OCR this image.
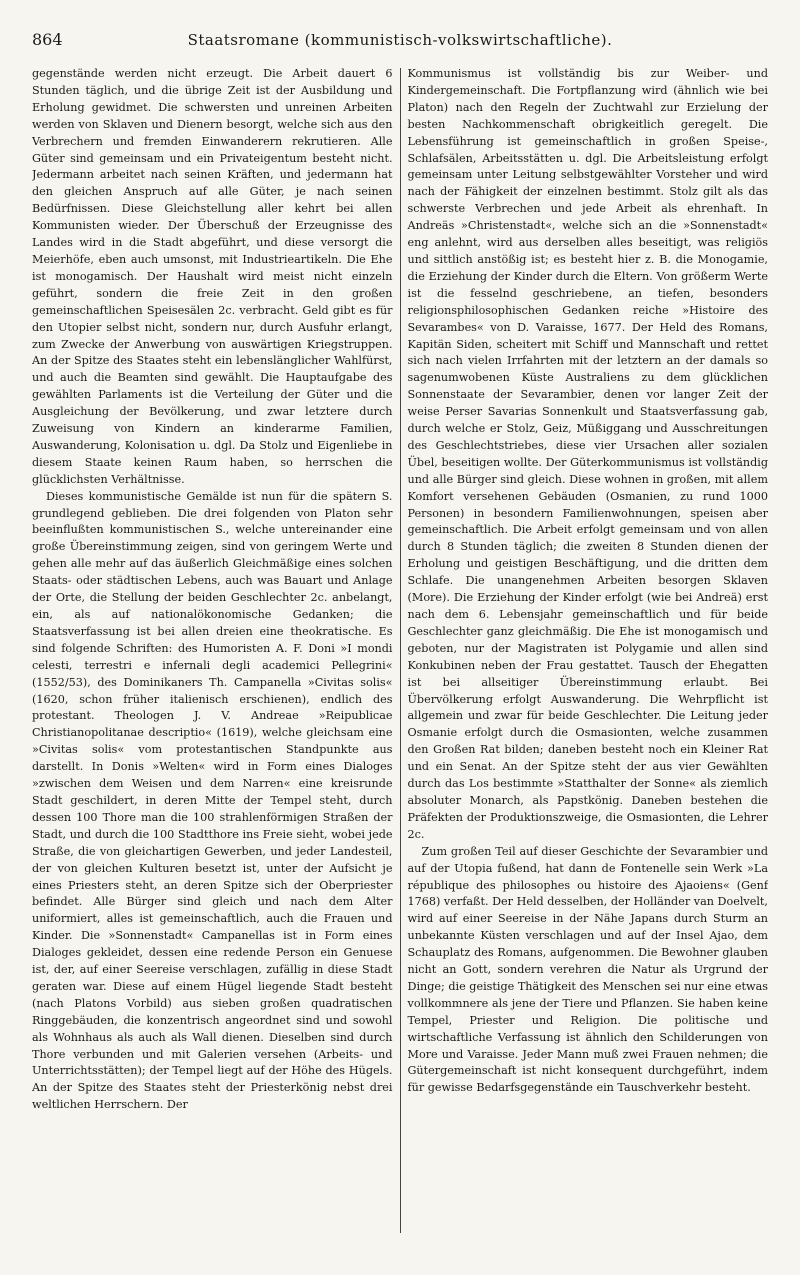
864	Staatsromane (kommunistisch-volkswirtschaftliche).

gegenstände werden nicht erzeugt. Die Arbeit dauert 6 Stunden täglich, und die übrige Zeit ist der Ausbildung und Erholung gewidmet. Die schwersten und unreinen Arbeiten werden von Sklaven und Dienern besorgt, welche sich aus den Verbrechern und fremden Einwanderern rekrutieren. Alle Güter sind gemeinsam und ein Privateigentum besteht nicht. Jedermann arbeitet nach seinen Kräften, und jedermann hat den gleichen Anspruch auf alle Güter, je nach seinen Bedürfnissen. Diese Gleichstellung aller kehrt bei allen Kommunisten wieder. Der Überschuß der Erzeugnisse des Landes wird in die Stadt abgeführt, und diese versorgt die Meierhöfe, eben auch umsonst, mit Industrieartikeln. Die Ehe ist monogamisch. Der Haushalt wird meist nicht einzeln geführt, sondern die freie Zeit in den großen gemeinschaftlichen Speisesälen 2c. verbracht. Geld gibt es für den Utopier selbst nicht, sondern nur, durch Ausfuhr erlangt, zum Zwecke der Anwerbung von auswärtigen Kriegstruppen. An der Spitze des Staates steht ein lebenslänglicher Wahlfürst, und auch die Beamten sind gewählt. Die Hauptaufgabe des gewählten Parlaments ist die Verteilung der Güter und die Ausgleichung der Bevölkerung, und zwar letztere durch Zuweisung von Kindern an kinderarme Familien, Auswanderung, Kolonisation u. dgl. Da Stolz und Eigenliebe in diesem Staate keinen Raum haben, so herrschen die glücklichsten Verhältnisse.

Dieses kommunistische Gemälde ist nun für die spätern S. grundlegend geblieben. Die drei folgenden von Platon sehr beeinflußten kommunistischen S., welche untereinander eine große Übereinstimmung zeigen, sind von geringem Werte und gehen alle mehr auf das äußerlich Gleichmäßige eines solchen Staats- oder städtischen Lebens, auch was Bauart und Anlage der Orte, die Stellung der beiden Geschlechter 2c. anbelangt, ein, als auf nationalökonomische Gedanken; die Staatsverfassung ist bei allen dreien eine theokratische. Es sind folgende Schriften: des Humoristen A. F. Doni »I mondi celesti, terrestri e infernali degli academici Pellegrini« (1552/53), des Dominikaners Th. Campanella »Civitas solis« (1620, schon früher italienisch erschienen), endlich des protestant. Theologen J. V. Andreae »Reipublicae Christianopolitanae descriptio« (1619), welche gleichsam eine »Civitas solis« vom protestantischen Standpunkte aus darstellt. In Donis »Welten« wird in Form eines Dialoges »zwischen dem Weisen und dem Narren« eine kreisrunde Stadt geschildert, in deren Mitte der Tempel steht, durch dessen 100 Thore man die 100 strahlenförmigen Straßen der Stadt, und durch die 100 Stadtthore ins Freie sieht, wobei jede Straße, die von gleichartigen Gewerben, und jeder Landesteil, der von gleichen Kulturen besetzt ist, unter der Aufsicht je eines Priesters steht, an deren Spitze sich der Oberpriester befindet. Alle Bürger sind gleich und nach dem Alter uniformiert, alles ist gemeinschaftlich, auch die Frauen und Kinder. Die »Sonnenstadt« Campanellas ist in Form eines Dialoges gekleidet, dessen eine redende Person ein Genuese ist, der, auf einer Seereise verschlagen, zufällig in diese Stadt geraten war. Diese auf einem Hügel liegende Stadt besteht (nach Platons Vorbild) aus sieben großen quadratischen Ringgebäuden, die konzentrisch angeordnet sind und sowohl als Wohnhaus als auch als Wall dienen. Dieselben sind durch Thore verbunden und mit Galerien versehen (Arbeits- und Unterrichtsstätten); der Tempel liegt auf der Höhe des Hügels. An der Spitze des Staates steht der Priesterkönig nebst drei weltlichen Herrschern. Der

Kommunismus ist vollständig bis zur Weiber- und Kindergemeinschaft. Die Fortpflanzung wird (ähnlich wie bei Platon) nach den Regeln der Zuchtwahl zur Erzielung der besten Nachkommenschaft obrigkeitlich geregelt. Die Lebensführung ist gemeinschaftlich in großen Speise-, Schlafsälen, Arbeitsstätten u. dgl. Die Arbeitsleistung erfolgt gemeinsam unter Leitung selbstgewählter Vorsteher und wird nach der Fähigkeit der einzelnen bestimmt. Stolz gilt als das schwerste Verbrechen und jede Arbeit als ehrenhaft. In Andreäs »Christenstadt«, welche sich an die »Sonnenstadt« eng anlehnt, wird aus derselben alles beseitigt, was religiös und sittlich anstößig ist; es besteht hier z. B. die Monogamie, die Erziehung der Kinder durch die Eltern. Von größerm Werte ist die fesselnd geschriebene, an tiefen, besonders religionsphilosophischen Gedanken reiche »Histoire des Sevarambes« von D. Varaisse, 1677. Der Held des Romans, Kapitän Siden, scheitert mit Schiff und Mannschaft und rettet sich nach vielen Irrfahrten mit der letztern an der damals so sagenumwobenen Küste Australiens zu dem glücklichen Sonnenstaate der Sevarambier, denen vor langer Zeit der weise Perser Savarias Sonnenkult und Staatsverfassung gab, durch welche er Stolz, Geiz, Müßiggang und Ausschreitungen des Geschlechtstriebes, diese vier Ursachen aller sozialen Übel, beseitigen wollte. Der Güterkommunismus ist vollständig und alle Bürger sind gleich. Diese wohnen in großen, mit allem Komfort versehenen Gebäuden (Osmanien, zu rund 1000 Personen) in besondern Familienwohnungen, speisen aber gemeinschaftlich. Die Arbeit erfolgt gemeinsam und von allen durch 8 Stunden täglich; die zweiten 8 Stunden dienen der Erholung und geistigen Beschäftigung, und die dritten dem Schlafe. Die unangenehmen Arbeiten besorgen Sklaven (More). Die Erziehung der Kinder erfolgt (wie bei Andreä) erst nach dem 6. Lebensjahr gemeinschaftlich und für beide Geschlechter ganz gleichmäßig. Die Ehe ist monogamisch und geboten, nur der Magistraten ist Polygamie und allen sind Konkubinen neben der Frau gestattet. Tausch der Ehegatten ist bei allseitiger Übereinstimmung erlaubt. Bei Übervölkerung erfolgt Auswanderung. Die Wehrpflicht ist allgemein und zwar für beide Geschlechter. Die Leitung jeder Osmanie erfolgt durch die Osmasionten, welche zusammen den Großen Rat bilden; daneben besteht noch ein Kleiner Rat und ein Senat. An der Spitze steht der aus vier Gewählten durch das Los bestimmte »Statthalter der Sonne« als ziemlich absoluter Monarch, als Papstkönig. Daneben bestehen die Präfekten der Produktionszweige, die Osmasionten, die Lehrer 2c.

Zum großen Teil auf dieser Geschichte der Sevarambier und auf der Utopia fußend, hat dann de Fontenelle sein Werk »La république des philosophes ou histoire des Ajaoiens« (Genf 1768) verfaßt. Der Held desselben, der Holländer van Doelvelt, wird auf einer Seereise in der Nähe Japans durch Sturm an unbekannte Küsten verschlagen und auf der Insel Ajao, dem Schauplatz des Romans, aufgenommen. Die Bewohner glauben nicht an Gott, sondern verehren die Natur als Urgrund der Dinge; die geistige Thätigkeit des Menschen sei nur eine etwas vollkommnere als jene der Tiere und Pflanzen. Sie haben keine Tempel, Priester und Religion. Die politische und wirtschaftliche Verfassung ist ähnlich den Schilderungen von More und Varaisse. Jeder Mann muß zwei Frauen nehmen; die Gütergemeinschaft ist nicht konsequent durchgeführt, indem für gewisse Bedarfsgegenstände ein Tauschverkehr besteht.
